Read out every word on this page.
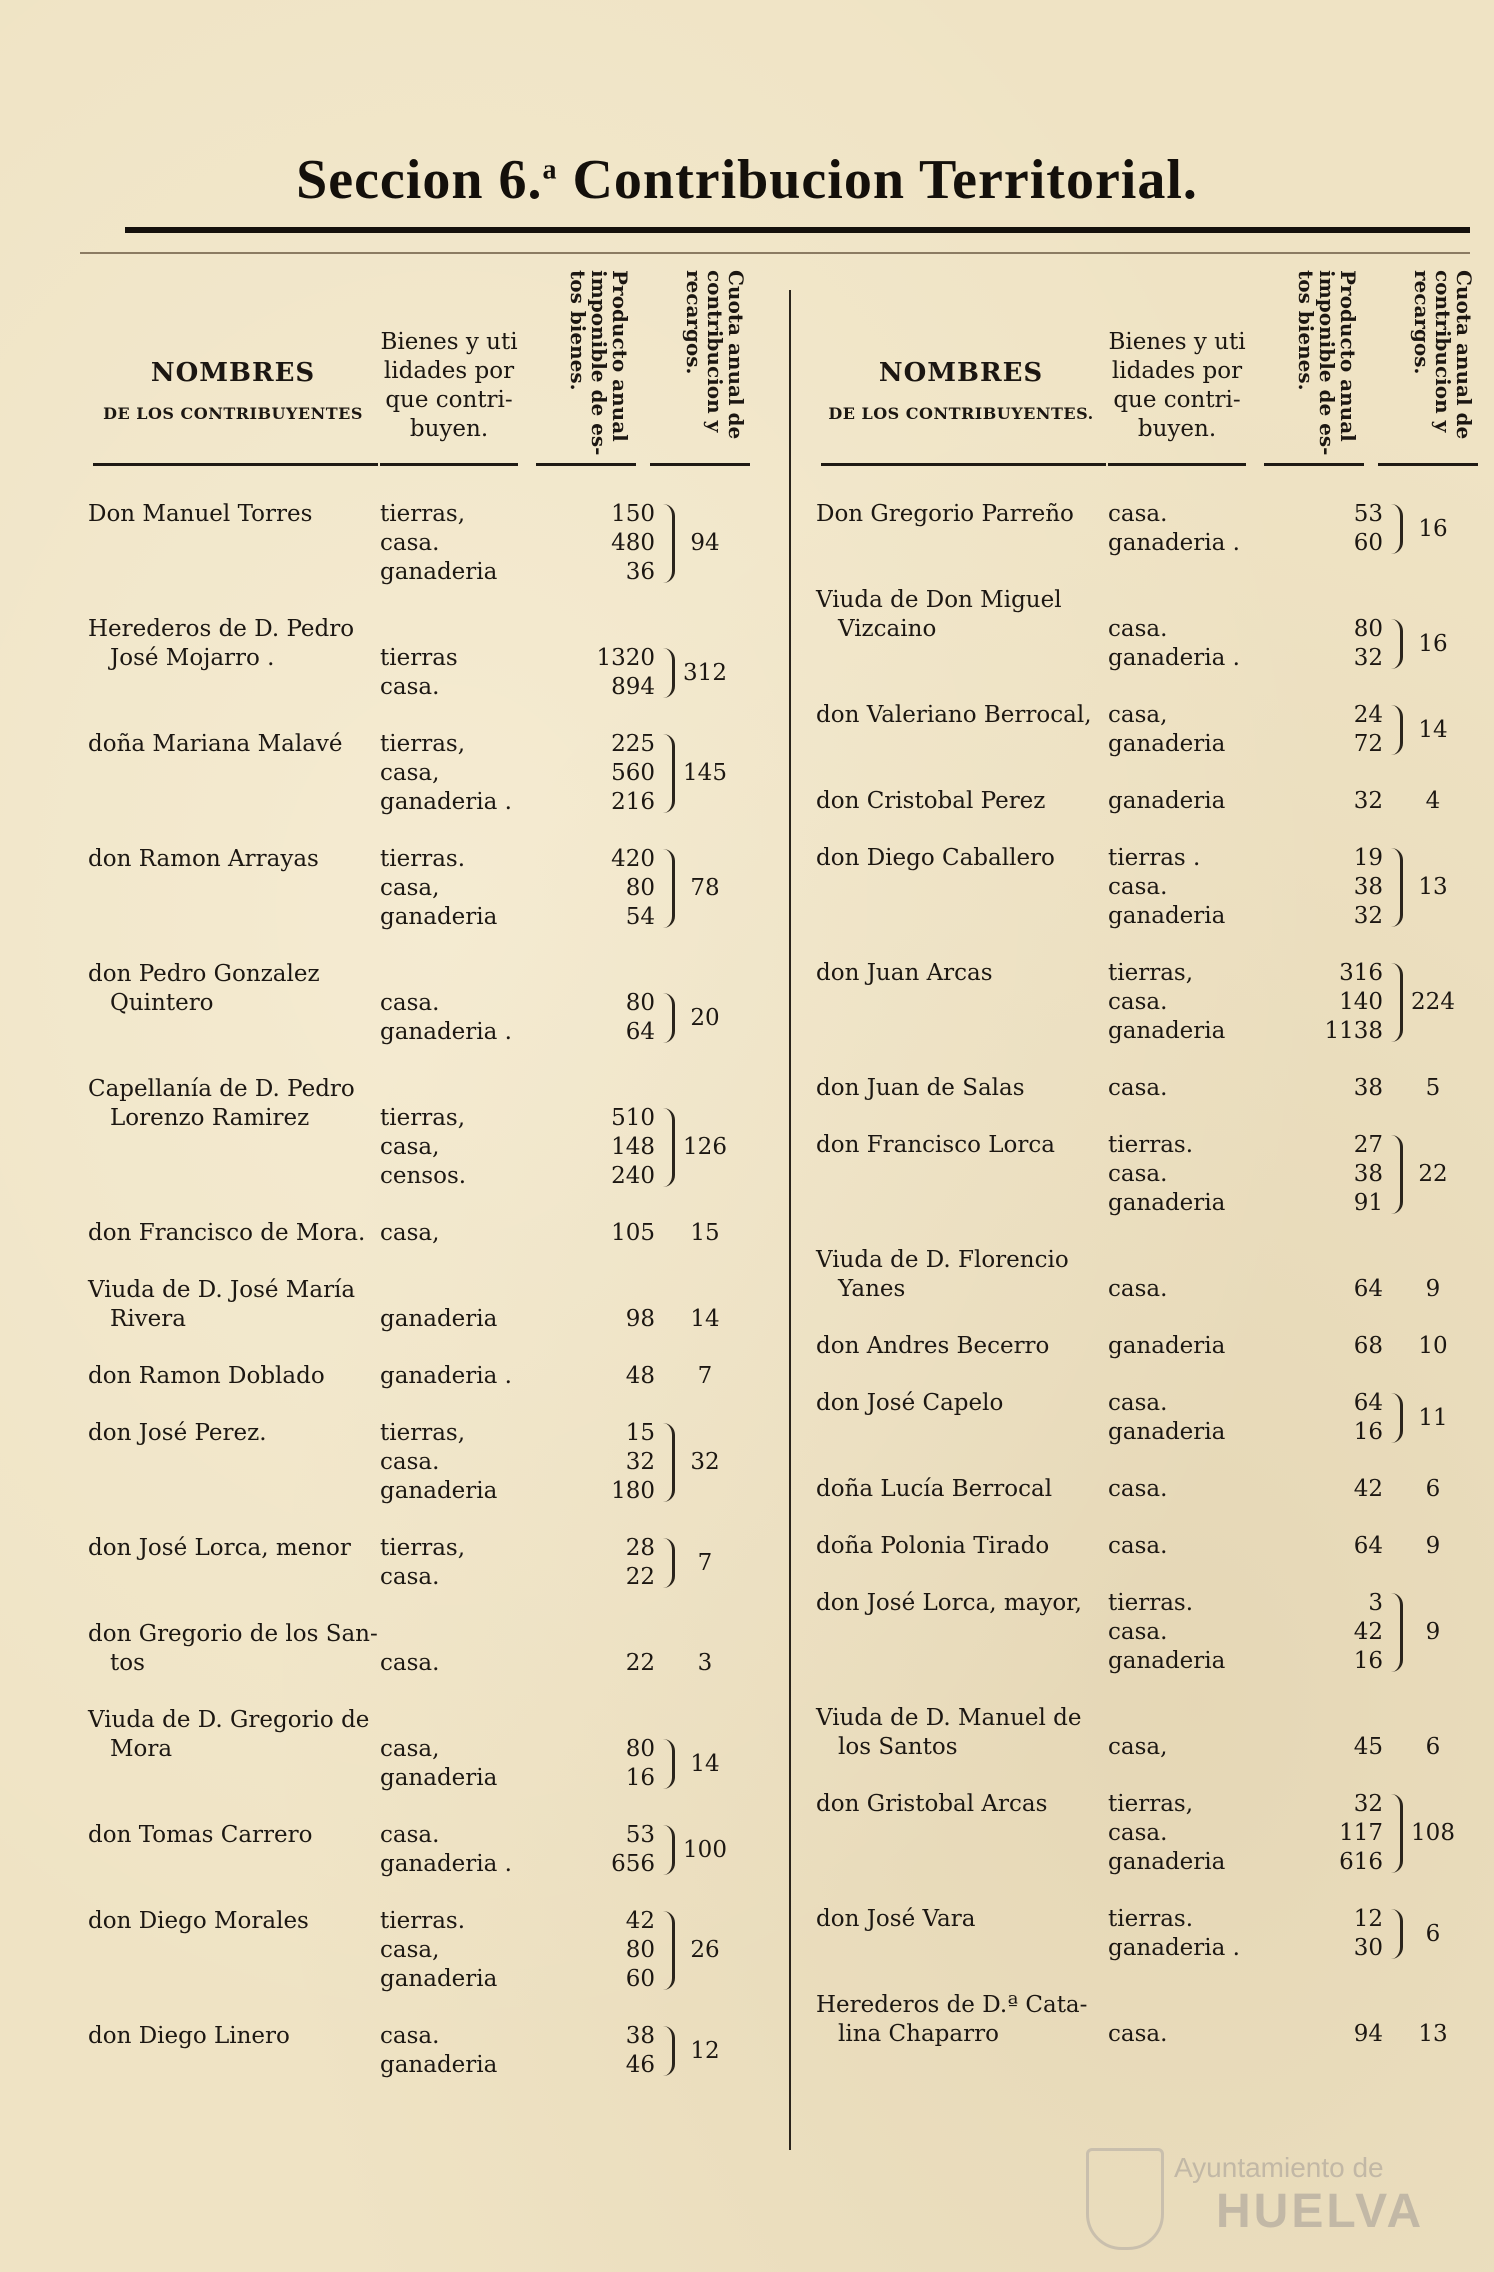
Seccion 6.$^a$ Contribucion Territorial.
NOMBRES
DE LOS CONTRIBUYENTES
Bienes y uti
lidades por
que contri-
buyen.	Producto anual imponible de es-tos bienes.	Cuota anual de contribucion y recargos.
Don Manuel Torres	tierras,	150
casa.	480
ganaderia	36
94
Herederos de D. Pedro
José Mojarro .	tierras	1320
casa.	894
312
doña Mariana Malavé	tierras,	225
casa,	560
ganaderia .	216
145
don Ramon Arrayas	tierras.	420
casa,	80
ganaderia	54
78
don Pedro Gonzalez
Quintero	casa.	80
ganaderia .	64
20
Capellanía de D. Pedro
Lorenzo Ramirez	tierras,	510
casa,	148
censos.	240
126
don Francisco de Mora. casa,	105	15
Viuda de D. José María
Rivera	ganaderia	98	14
don Ramon Doblado	ganaderia .	48	7
don José Perez.	tierras,	15
casa.	32
ganaderia	180
32
don José Lorca, menor	tierras,	28
casa.	22
7
don Gregorio de los San-
tos	casa.	22	3
Viuda de D. Gregorio de
Mora	casa,	80
ganaderia	16
14
don Tomas Carrero	casa.	53
ganaderia .	656
100
don Diego Morales	tierras.	42
casa,	80
ganaderia	60
26
don Diego Linero	casa.	38
ganaderia	46
12
NOMBRES
DE LOS CONTRIBUYENTES.
Bienes y uti
lidades por
que contri-
buyen.	Producto anual imponible de es-tos bienes.	Cuota anual de contribucion y recargos.
Don Gregorio Parreño	casa.	53
ganaderia .	60
16
Viuda de Don Miguel
Vizcaino	casa.	80
ganaderia .	32
16
don Valeriano Berrocal, casa,	24
ganaderia	72
14
don Cristobal Perez	ganaderia	32	4
don Diego Caballero	tierras .	19
casa.	38
ganaderia	32
13
don Juan Arcas	tierras,	316
casa.	140
ganaderia	1138
224
don Juan de Salas	casa.	38	5
don Francisco Lorca	tierras.	27
casa.	38
ganaderia	91
22
Viuda de D. Florencio
Yanes	casa.	64	9
don Andres Becerro	ganaderia	68	10
don José Capelo	casa.	64
ganaderia	16
11
doña Lucía Berrocal	casa.	42	6
doña Polonia Tirado	casa.	64	9
don José Lorca, mayor,	tierras.	3
casa.	42
ganaderia	16
9
Viuda de D. Manuel de
los Santos	casa,	45	6
don Gristobal Arcas	tierras,	32
casa.	117
ganaderia	616
108
don José Vara	tierras.	12
ganaderia .	30
6
Herederos de D.ª Cata-
lina Chaparro	casa.	94	13
Ayuntamiento de
HUELVA
